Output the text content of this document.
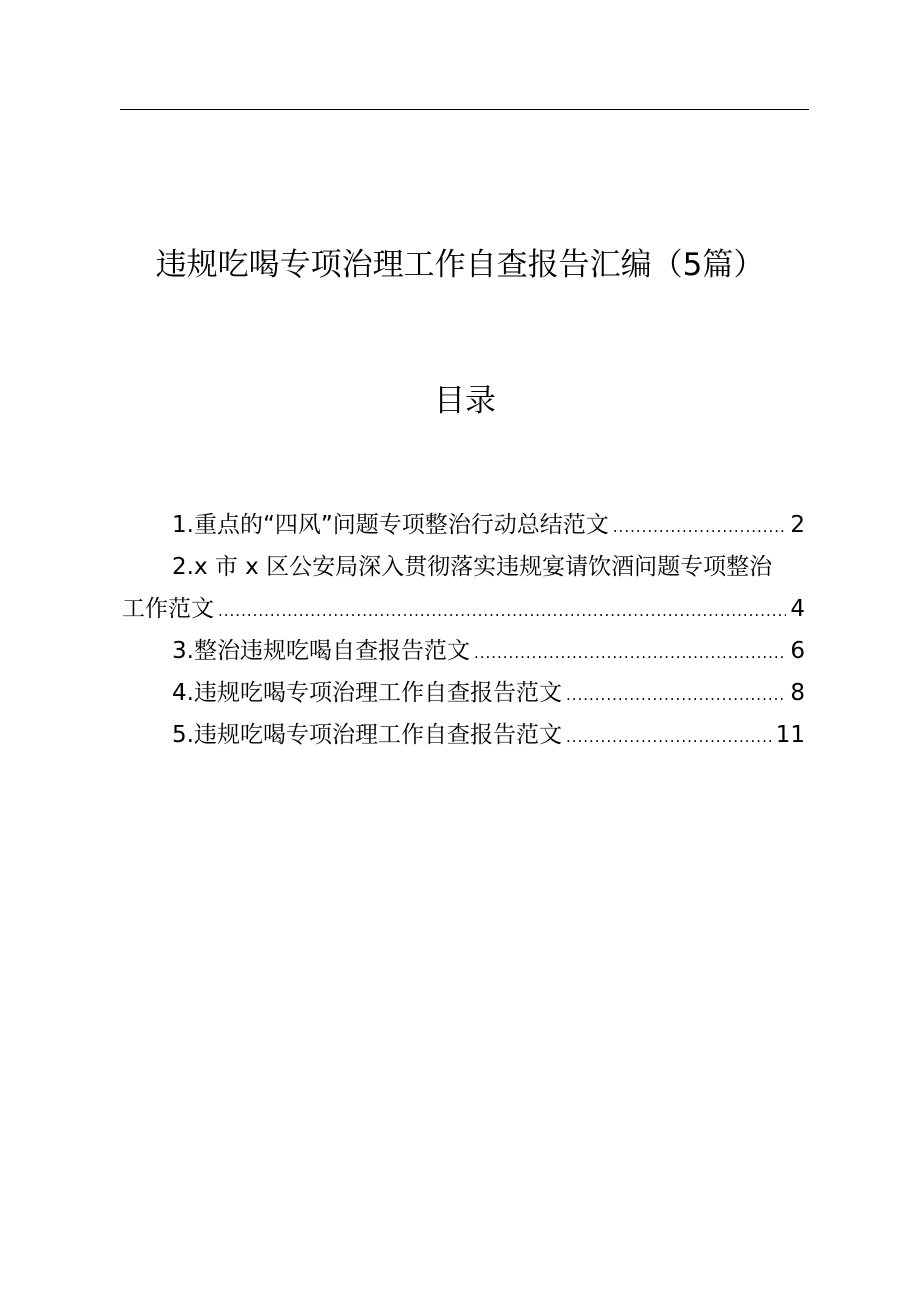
违规吃喝专项治理工作自查报告汇编（5篇）
目录
1.重点的“四风”问题专项整治行动总结范文 .....	2
2.x 市 x 区公安局深入贯彻落实违规宴请饮酒问题专项整治
工作范文 .....	4
3.整治违规吃喝自查报告范文 .....	6
4.违规吃喝专项治理工作自查报告范文 .....	8
5.违规吃喝专项治理工作自查报告范文 .....	11
